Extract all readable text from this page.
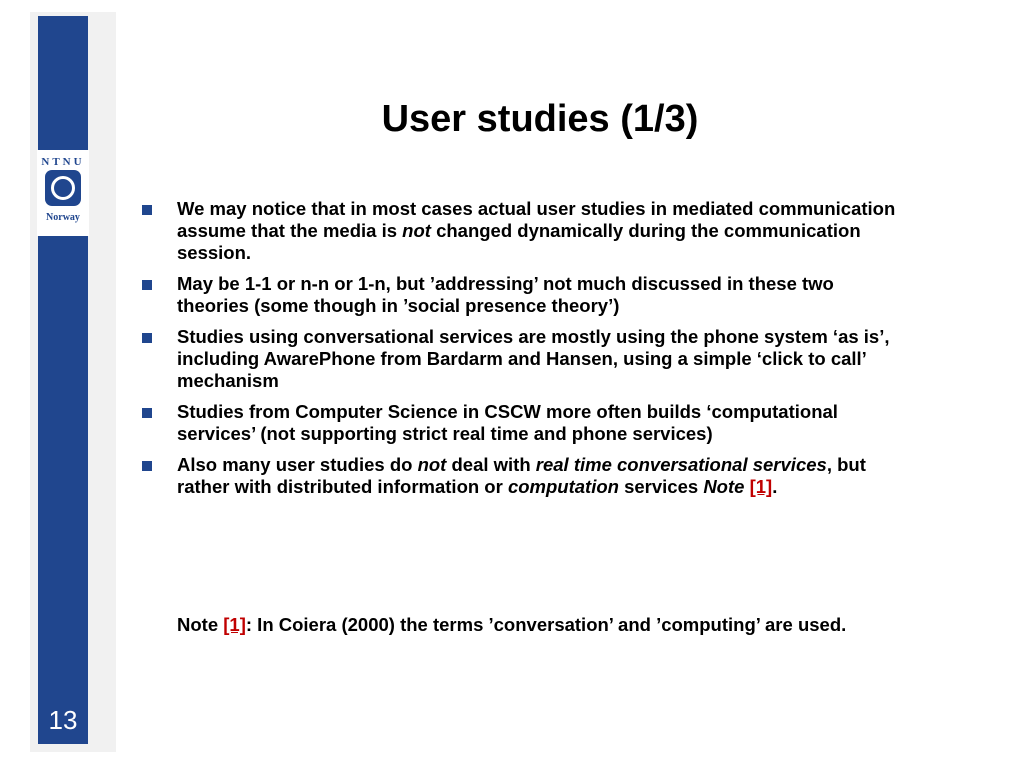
NTNU
Norway
13
User studies (1/3)
We may notice that in most cases actual user studies in mediated communication assume that the media is not changed dynamically during the communication session.
May be 1-1 or n-n or 1-n, but ’addressing’ not much discussed in these two theories (some though in ’social presence theory’)
Studies using conversational services are mostly using the phone system ‘as is’, including AwarePhone from Bardarm and Hansen, using a simple ‘click to call’ mechanism
Studies from Computer Science in CSCW more often builds ‘computational services’ (not supporting strict real time and phone services)
Also many user studies do not deal with real time conversational services, but rather with distributed information or computation services Note [1].
Note [1]: In Coiera (2000) the terms ’conversation’ and ’computing’ are used.
